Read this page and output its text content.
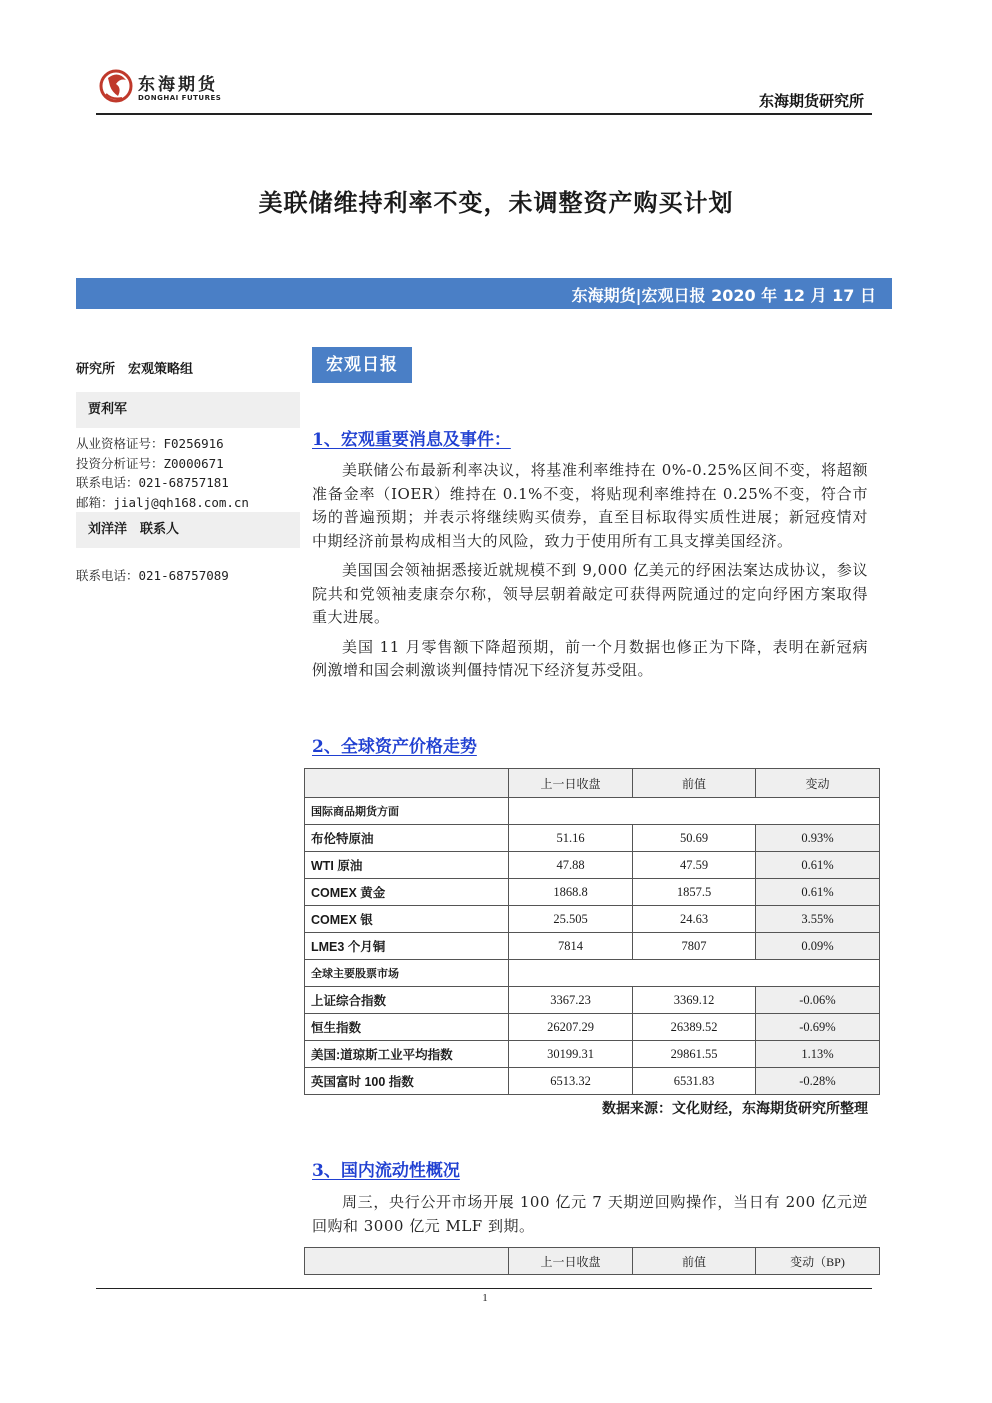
东海期货
DONGHAI FUTURES	东海期货研究所
美联储维持利率不变，未调整资产购买计划
东海期货|宏观日报 2020 年 12 月 17 日
研究所　宏观策略组
贾利军
从业资格证号：F0256916
投资分析证号：Z0000671
联系电话：021-68757181
邮箱：jialj@qh168.com.cn
刘洋洋　联系人
联系电话：021-68757089
宏观日报
1、宏观重要消息及事件：

美联储公布最新利率决议，将基准利率维持在 0%-0.25%区间不变，将超额准备金率（IOER）维持在 0.1%不变，将贴现利率维持在 0.25%不变，符合市场的普遍预期；并表示将继续购买债券，直至目标取得实质性进展；新冠疫情对中期经济前景构成相当大的风险，致力于使用所有工具支撑美国经济。

美国国会领袖据悉接近就规模不到 9,000 亿美元的纾困法案达成协议，参议院共和党领袖麦康奈尔称，领导层朝着敲定可获得两院通过的定向纾困方案取得重大进展。

美国 11 月零售额下降超预期，前一个月数据也修正为下降，表明在新冠病例激增和国会刺激谈判僵持情况下经济复苏受阻。

2、全球资产价格走势
	上一日收盘	前值	变动
国际商品期货方面			
布伦特原油	51.16	50.69	0.93%
WTI 原油	47.88	47.59	0.61%
COMEX 黄金	1868.8	1857.5	0.61%
COMEX 银	25.505	24.63	3.55%
LME3 个月铜	7814	7807	0.09%
全球主要股票市场			
上证综合指数	3367.23	3369.12	-0.06%
恒生指数	26207.29	26389.52	-0.69%
美国:道琼斯工业平均指数	30199.31	29861.55	1.13%
英国富时 100 指数	6513.32	6531.83	-0.28%
数据来源：文化财经，东海期货研究所整理
3、国内流动性概况

周三，央行公开市场开展 100 亿元 7 天期逆回购操作，当日有 200 亿元逆回购和 3000 亿元 MLF 到期。

	上一日收盘	前值	变动（BP)
1
